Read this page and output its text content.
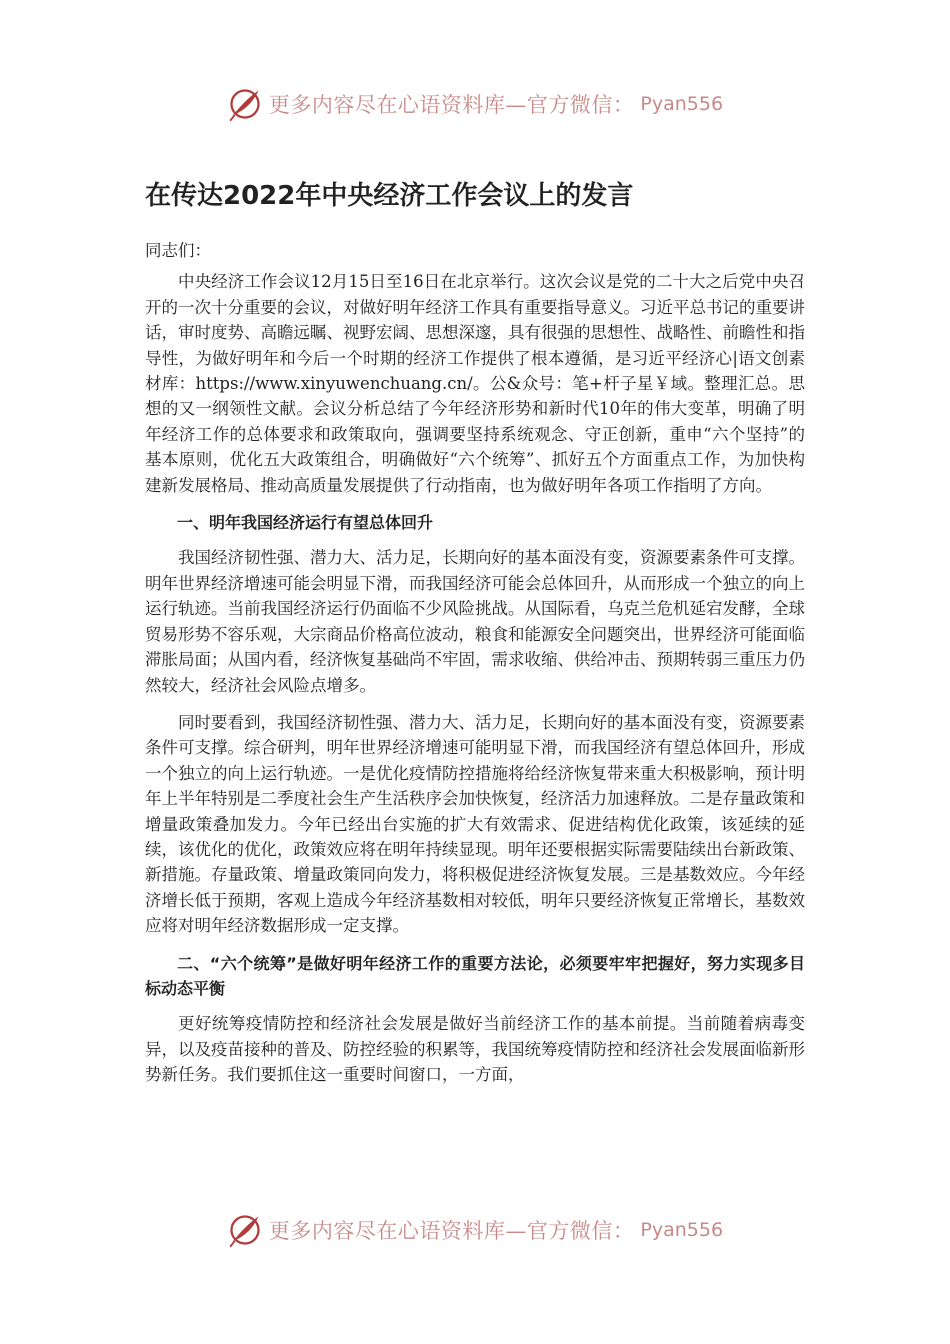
更多内容尽在心语资料库—官方微信： Pyan556
在传达2022年中央经济工作会议上的发言

同志们：

中央经济工作会议12月15日至16日在北京举行。这次会议是党的二十大之后党中央召开的一次十分重要的会议，对做好明年经济工作具有重要指导意义。习近平总书记的重要讲话，审时度势、高瞻远瞩、视野宏阔、思想深邃，具有很强的思想性、战略性、前瞻性和指导性，为做好明年和今后一个时期的经济工作提供了根本遵循，是习近平经济心|语文创素材库：https://www.xinyuwenchuang.cn/。公&众号：笔+杆子星￥域。整理汇总。思想的又一纲领性文献。会议分析总结了今年经济形势和新时代10年的伟大变革，明确了明年经济工作的总体要求和政策取向，强调要坚持系统观念、守正创新，重申“六个坚持”的基本原则，优化五大政策组合，明确做好“六个统筹”、抓好五个方面重点工作，为加快构建新发展格局、推动高质量发展提供了行动指南，也为做好明年各项工作指明了方向。

一、明年我国经济运行有望总体回升

我国经济韧性强、潜力大、活力足，长期向好的基本面没有变，资源要素条件可支撑。明年世界经济增速可能会明显下滑，而我国经济可能会总体回升，从而形成一个独立的向上运行轨迹。当前我国经济运行仍面临不少风险挑战。从国际看，乌克兰危机延宕发酵，全球贸易形势不容乐观，大宗商品价格高位波动，粮食和能源安全问题突出，世界经济可能面临滞胀局面；从国内看，经济恢复基础尚不牢固，需求收缩、供给冲击、预期转弱三重压力仍然较大，经济社会风险点增多。

同时要看到，我国经济韧性强、潜力大、活力足，长期向好的基本面没有变，资源要素条件可支撑。综合研判，明年世界经济增速可能明显下滑，而我国经济有望总体回升，形成一个独立的向上运行轨迹。一是优化疫情防控措施将给经济恢复带来重大积极影响，预计明年上半年特别是二季度社会生产生活秩序会加快恢复，经济活力加速释放。二是存量政策和增量政策叠加发力。今年已经出台实施的扩大有效需求、促进结构优化政策，该延续的延续，该优化的优化，政策效应将在明年持续显现。明年还要根据实际需要陆续出台新政策、新措施。存量政策、增量政策同向发力，将积极促进经济恢复发展。三是基数效应。今年经济增长低于预期，客观上造成今年经济基数相对较低，明年只要经济恢复正常增长，基数效应将对明年经济数据形成一定支撑。

二、“六个统筹”是做好明年经济工作的重要方法论，必须要牢牢把握好，努力实现多目标动态平衡

更好统筹疫情防控和经济社会发展是做好当前经济工作的基本前提。当前随着病毒变异，以及疫苗接种的普及、防控经验的积累等，我国统筹疫情防控和经济社会发展面临新形势新任务。我们要抓住这一重要时间窗口，一方面，

更多内容尽在心语资料库—官方微信： Pyan556
